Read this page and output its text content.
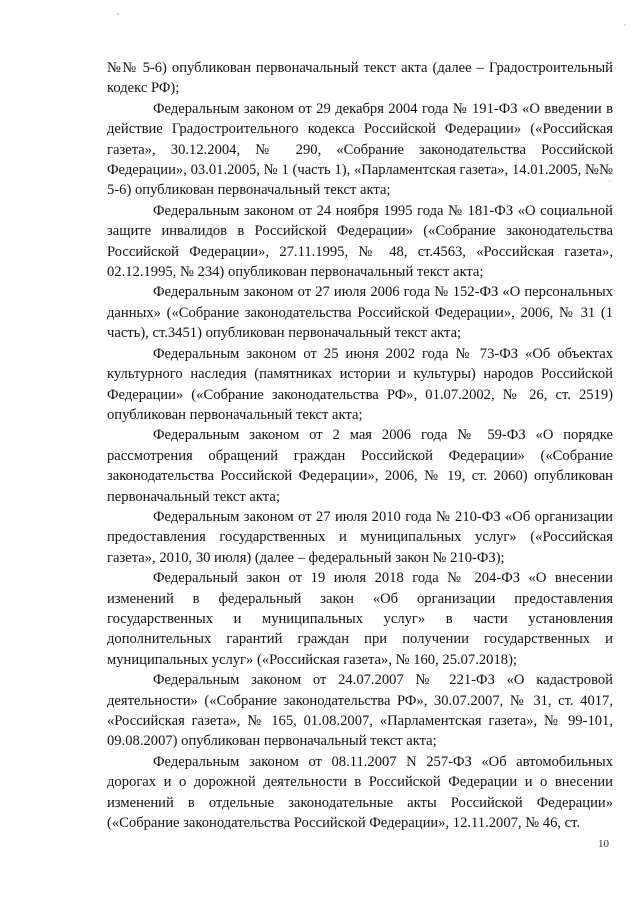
№№ 5-6) опубликован первоначальный текст акта (далее – Градостроительный кодекс РФ);

Федеральным законом от 29 декабря 2004 года № 191-ФЗ «О введении в действие Градостроительного кодекса Российской Федерации» («Российская газета», 30.12.2004, № 290, «Собрание законодательства Российской Федерации», 03.01.2005, № 1 (часть 1), «Парламентская газета», 14.01.2005, №№ 5-6) опубликован первоначальный текст акта;

Федеральным законом от 24 ноября 1995 года № 181-ФЗ «О социальной защите инвалидов в Российской Федерации» («Собрание законодательства Российской Федерации», 27.11.1995, № 48, ст.4563, «Российская газета», 02.12.1995, № 234) опубликован первоначальный текст акта;

Федеральным законом от 27 июля 2006 года № 152-ФЗ «О персональных данных» («Собрание законодательства Российской Федерации», 2006, № 31 (1 часть), ст.3451) опубликован первоначальный текст акта;

Федеральным законом от 25 июня 2002 года № 73-ФЗ «Об объектах культурного наследия (памятниках истории и культуры) народов Российской Федерации» («Собрание законодательства РФ», 01.07.2002, № 26, ст. 2519) опубликован первоначальный текст акта;

Федеральным законом от 2 мая 2006 года № 59-ФЗ «О порядке рассмотрения обращений граждан Российской Федерации» («Собрание законодательства Российской Федерации», 2006, № 19, ст. 2060) опубликован первоначальный текст акта;

Федеральным законом от 27 июля 2010 года № 210-ФЗ «Об организации предоставления государственных и муниципальных услуг» («Российская газета», 2010, 30 июля) (далее – федеральный закон № 210-ФЗ);

Федеральный закон от 19 июля 2018 года № 204-ФЗ «О внесении изменений в федеральный закон «Об организации предоставления государственных и муниципальных услуг» в части установления дополнительных гарантий граждан при получении государственных и муниципальных услуг» («Российская газета», № 160, 25.07.2018);

Федеральным законом от 24.07.2007 № 221-ФЗ «О кадастровой деятельности» («Собрание законодательства РФ», 30.07.2007, № 31, ст. 4017, «Российская газета», № 165, 01.08.2007, «Парламентская газета», № 99-101, 09.08.2007) опубликован первоначальный текст акта;

Федеральным законом от 08.11.2007 N 257-ФЗ «Об автомобильных дорогах и о дорожной деятельности в Российской Федерации и о внесении изменений в отдельные законодательные акты Российской Федерации» («Собрание законодательства Российской Федерации», 12.11.2007, № 46, ст.

10
